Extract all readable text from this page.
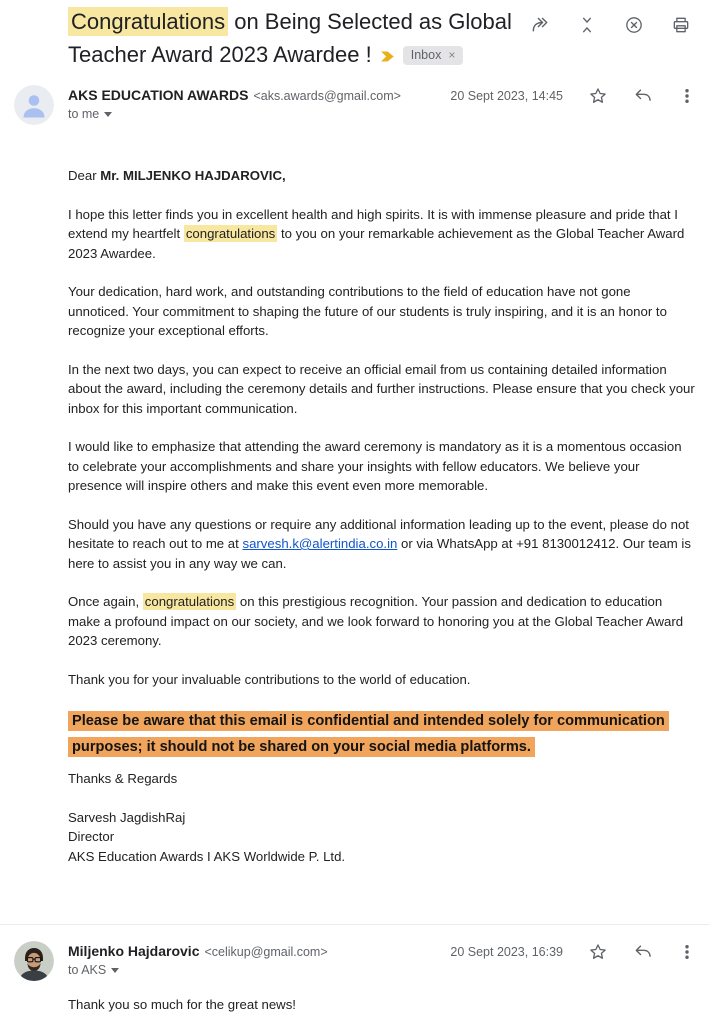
Congratulations on Being Selected as Global Teacher Award 2023 Awardee !	Inbox ×
AKS EDUCATION AWARDS <aks.awards@gmail.com>	20 Sept 2023, 14:45
to me

Dear Mr. MILJENKO HAJDAROVIC,

I hope this letter finds you in excellent health and high spirits. It is with immense pleasure and pride that I extend my heartfelt congratulations to you on your remarkable achievement as the Global Teacher Award 2023 Awardee.

Your dedication, hard work, and outstanding contributions to the field of education have not gone unnoticed. Your commitment to shaping the future of our students is truly inspiring, and it is an honor to recognize your exceptional efforts.

In the next two days, you can expect to receive an official email from us containing detailed information about the award, including the ceremony details and further instructions. Please ensure that you check your inbox for this important communication.

I would like to emphasize that attending the award ceremony is mandatory as it is a momentous occasion to celebrate your accomplishments and share your insights with fellow educators. We believe your presence will inspire others and make this event even more memorable.

Should you have any questions or require any additional information leading up to the event, please do not hesitate to reach out to me at sarvesh.k@alertindia.co.in or via WhatsApp at +91 8130012412. Our team is here to assist you in any way we can.

Once again, congratulations on this prestigious recognition. Your passion and dedication to education make a profound impact on our society, and we look forward to honoring you at the Global Teacher Award 2023 ceremony.

Thank you for your invaluable contributions to the world of education.

Please be aware that this email is confidential and intended solely for communication purposes; it should not be shared on your social media platforms.

Thanks & Regards

Sarvesh JagdishRaj
Director
AKS Education Awards I AKS Worldwide P. Ltd.
Miljenko Hajdarovic <celikup@gmail.com>	20 Sept 2023, 16:39
to AKS

Thank you so much for the great news!
